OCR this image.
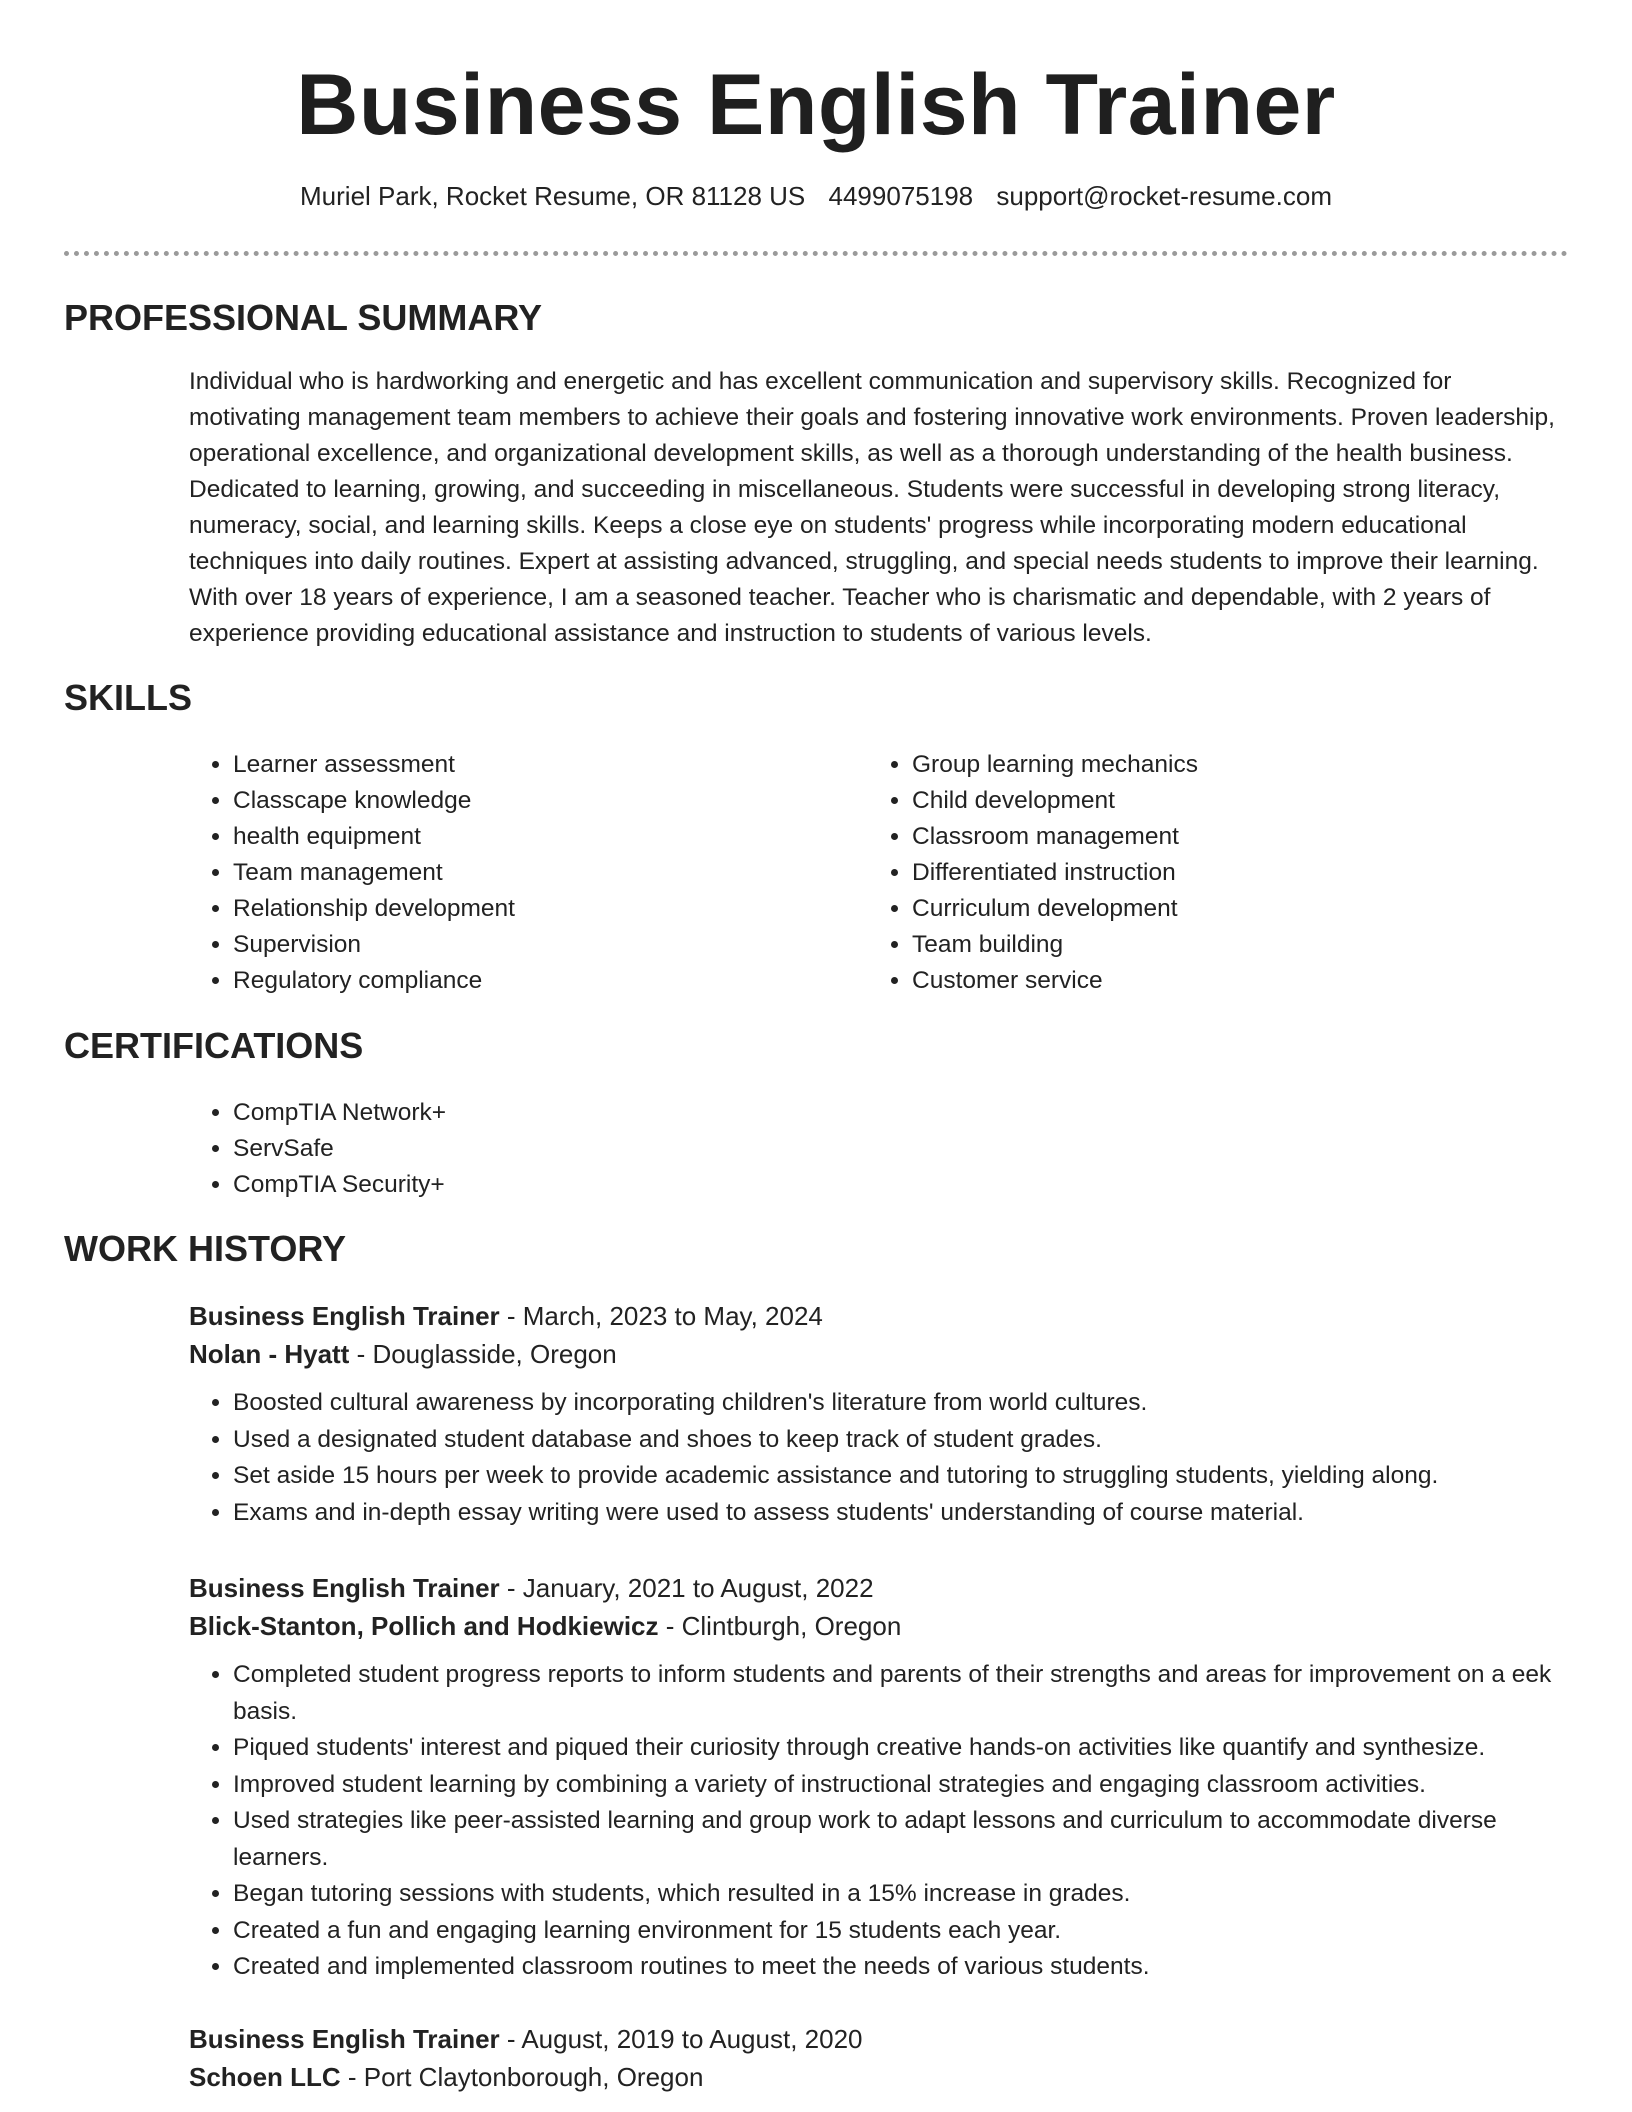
Business English Trainer
Muriel Park, Rocket Resume, OR 81128 US 4499075198 support@rocket-resume.com
PROFESSIONAL SUMMARY

Individual who is hardworking and energetic and has excellent communication and supervisory skills. Recognized for motivating management team members to achieve their goals and fostering innovative work environments. Proven leadership, operational excellence, and organizational development skills, as well as a thorough understanding of the health business. Dedicated to learning, growing, and succeeding in miscellaneous. Students were successful in developing strong literacy, numeracy, social, and learning skills. Keeps a close eye on students' progress while incorporating modern educational techniques into daily routines. Expert at assisting advanced, struggling, and special needs students to improve their learning. With over 18 years of experience, I am a seasoned teacher. Teacher who is charismatic and dependable, with 2 years of experience providing educational assistance and instruction to students of various levels.

SKILLS
• Learner assessment
• Classcape knowledge
• health equipment
• Team management
• Relationship development
• Supervision
• Regulatory compliance
• Group learning mechanics
• Child development
• Classroom management
• Differentiated instruction
• Curriculum development
• Team building
• Customer service
CERTIFICATIONS
• CompTIA Network+
• ServSafe
• CompTIA Security+
WORK HISTORY
Business English Trainer - March, 2023 to May, 2024
Nolan - Hyatt - Douglasside, Oregon
• Boosted cultural awareness by incorporating children's literature from world cultures.
• Used a designated student database and shoes to keep track of student grades.
• Set aside 15 hours per week to provide academic assistance and tutoring to struggling students, yielding along.
• Exams and in-depth essay writing were used to assess students' understanding of course material.
Business English Trainer - January, 2021 to August, 2022
Blick-Stanton, Pollich and Hodkiewicz - Clintburgh, Oregon
• Completed student progress reports to inform students and parents of their strengths and areas for improvement on a eek basis.
• Piqued students' interest and piqued their curiosity through creative hands-on activities like quantify and synthesize.
• Improved student learning by combining a variety of instructional strategies and engaging classroom activities.
• Used strategies like peer-assisted learning and group work to adapt lessons and curriculum to accommodate diverse learners.
• Began tutoring sessions with students, which resulted in a 15% increase in grades.
• Created a fun and engaging learning environment for 15 students each year.
• Created and implemented classroom routines to meet the needs of various students.
Business English Trainer - August, 2019 to August, 2020
Schoen LLC - Port Claytonborough, Oregon
